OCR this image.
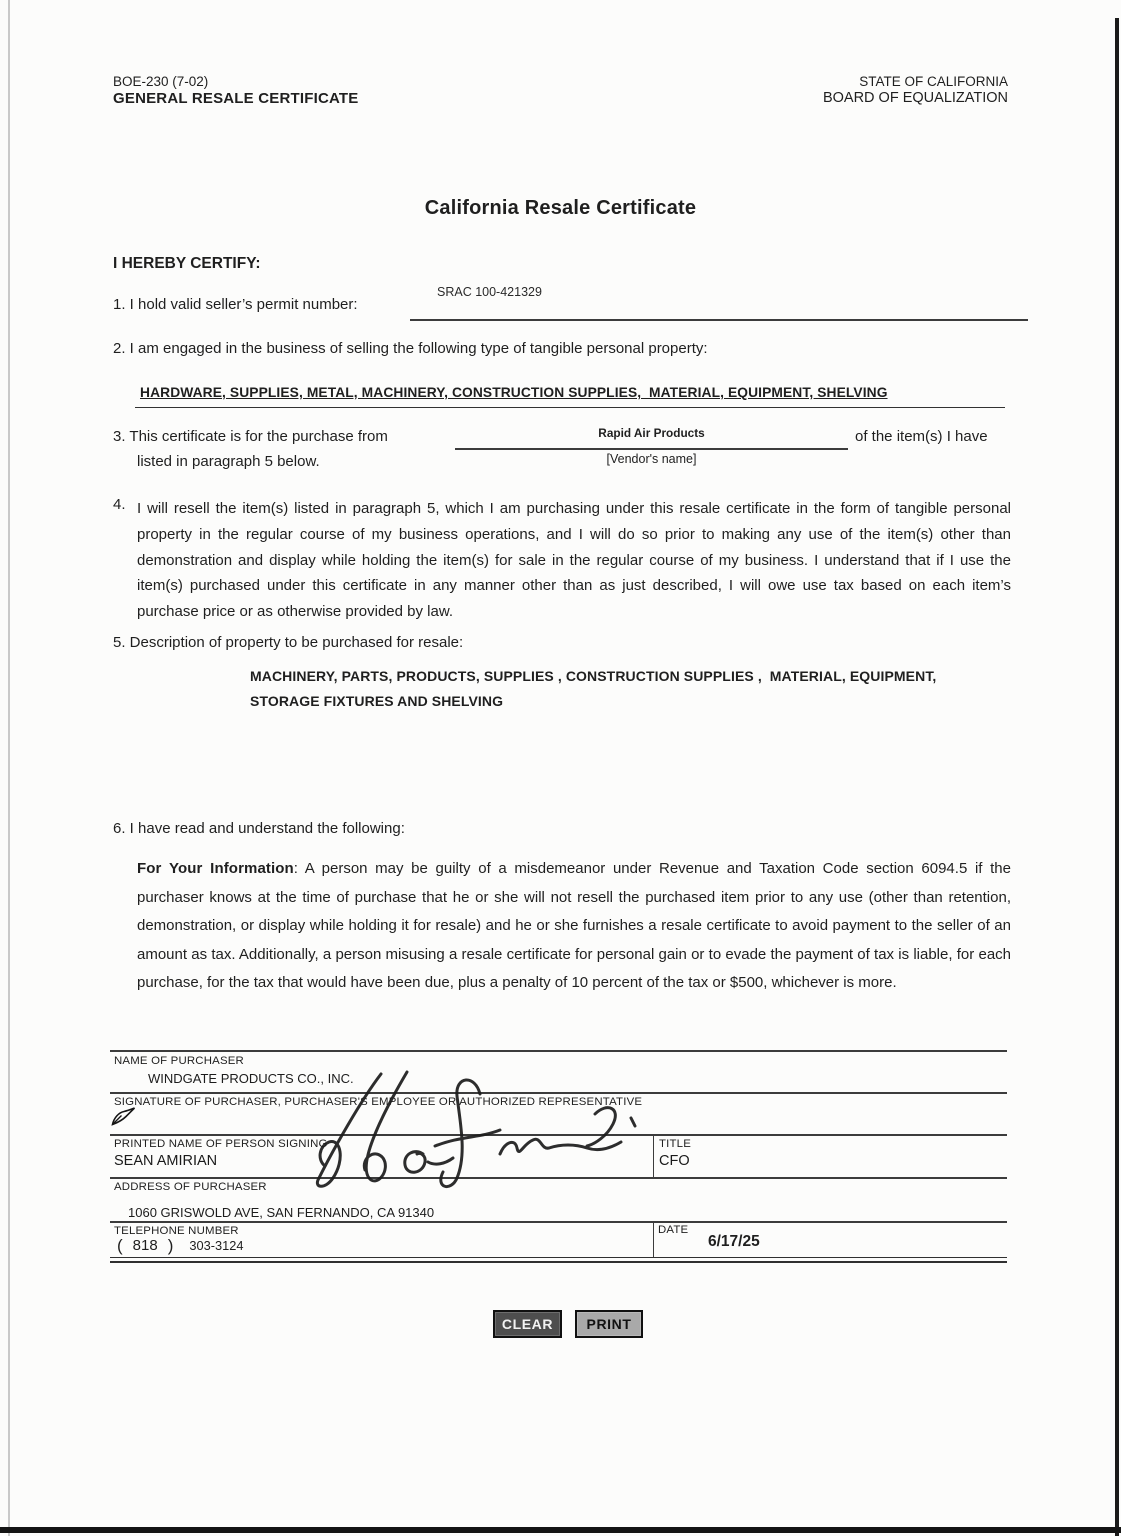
BOE-230 (7-02)
GENERAL RESALE CERTIFICATE
STATE OF CALIFORNIA
BOARD OF EQUALIZATION
California Resale Certificate
I HEREBY CERTIFY:
1. I hold valid seller’s permit number:
SRAC 100-421329
2. I am engaged in the business of selling the following type of tangible personal property:
HARDWARE, SUPPLIES, METAL, MACHINERY, CONSTRUCTION SUPPLIES,  MATERIAL, EQUIPMENT, SHELVING
3. This certificate is for the purchase from	Rapid Air Products
[Vendor's name]
of the item(s) I have
listed in paragraph 5 below.
4. I will resell the item(s) listed in paragraph 5, which I am purchasing under this resale certificate in the form of tangible personal property in the regular course of my business operations, and I will do so prior to making any use of the item(s) other than demonstration and display while holding the item(s) for sale in the regular course of my business. I understand that if I use the item(s) purchased under this certificate in any manner other than as just described, I will owe use tax based on each item’s purchase price or as otherwise provided by law.
5. Description of property to be purchased for resale:
MACHINERY, PARTS, PRODUCTS, SUPPLIES , CONSTRUCTION SUPPLIES ,  MATERIAL, EQUIPMENT,
STORAGE FIXTURES AND SHELVING
6. I have read and understand the following:
For Your Information: A person may be guilty of a misdemeanor under Revenue and Taxation Code section 6094.5 if the purchaser knows at the time of purchase that he or she will not resell the purchased item prior to any use (other than retention, demonstration, or display while holding it for resale) and he or she furnishes a resale certificate to avoid payment to the seller of an amount as tax. Additionally, a person misusing a resale certificate for personal gain or to evade the payment of tax is liable, for each purchase, for the tax that would have been due, plus a penalty of 10 percent of the tax or $500, whichever is more.
NAME OF PURCHASER
WINDGATE PRODUCTS CO., INC.
SIGNATURE OF PURCHASER, PURCHASER'S EMPLOYEE OR AUTHORIZED REPRESENTATIVE
PRINTED NAME OF PERSON SIGNING	TITLE
SEAN AMIRIAN	CFO
ADDRESS OF PURCHASER
1060 GRISWOLD AVE, SAN FERNANDO, CA 91340
TELEPHONE NUMBER	DATE
( 818 ) 303-3124	6/17/25
CLEAR	PRINT
